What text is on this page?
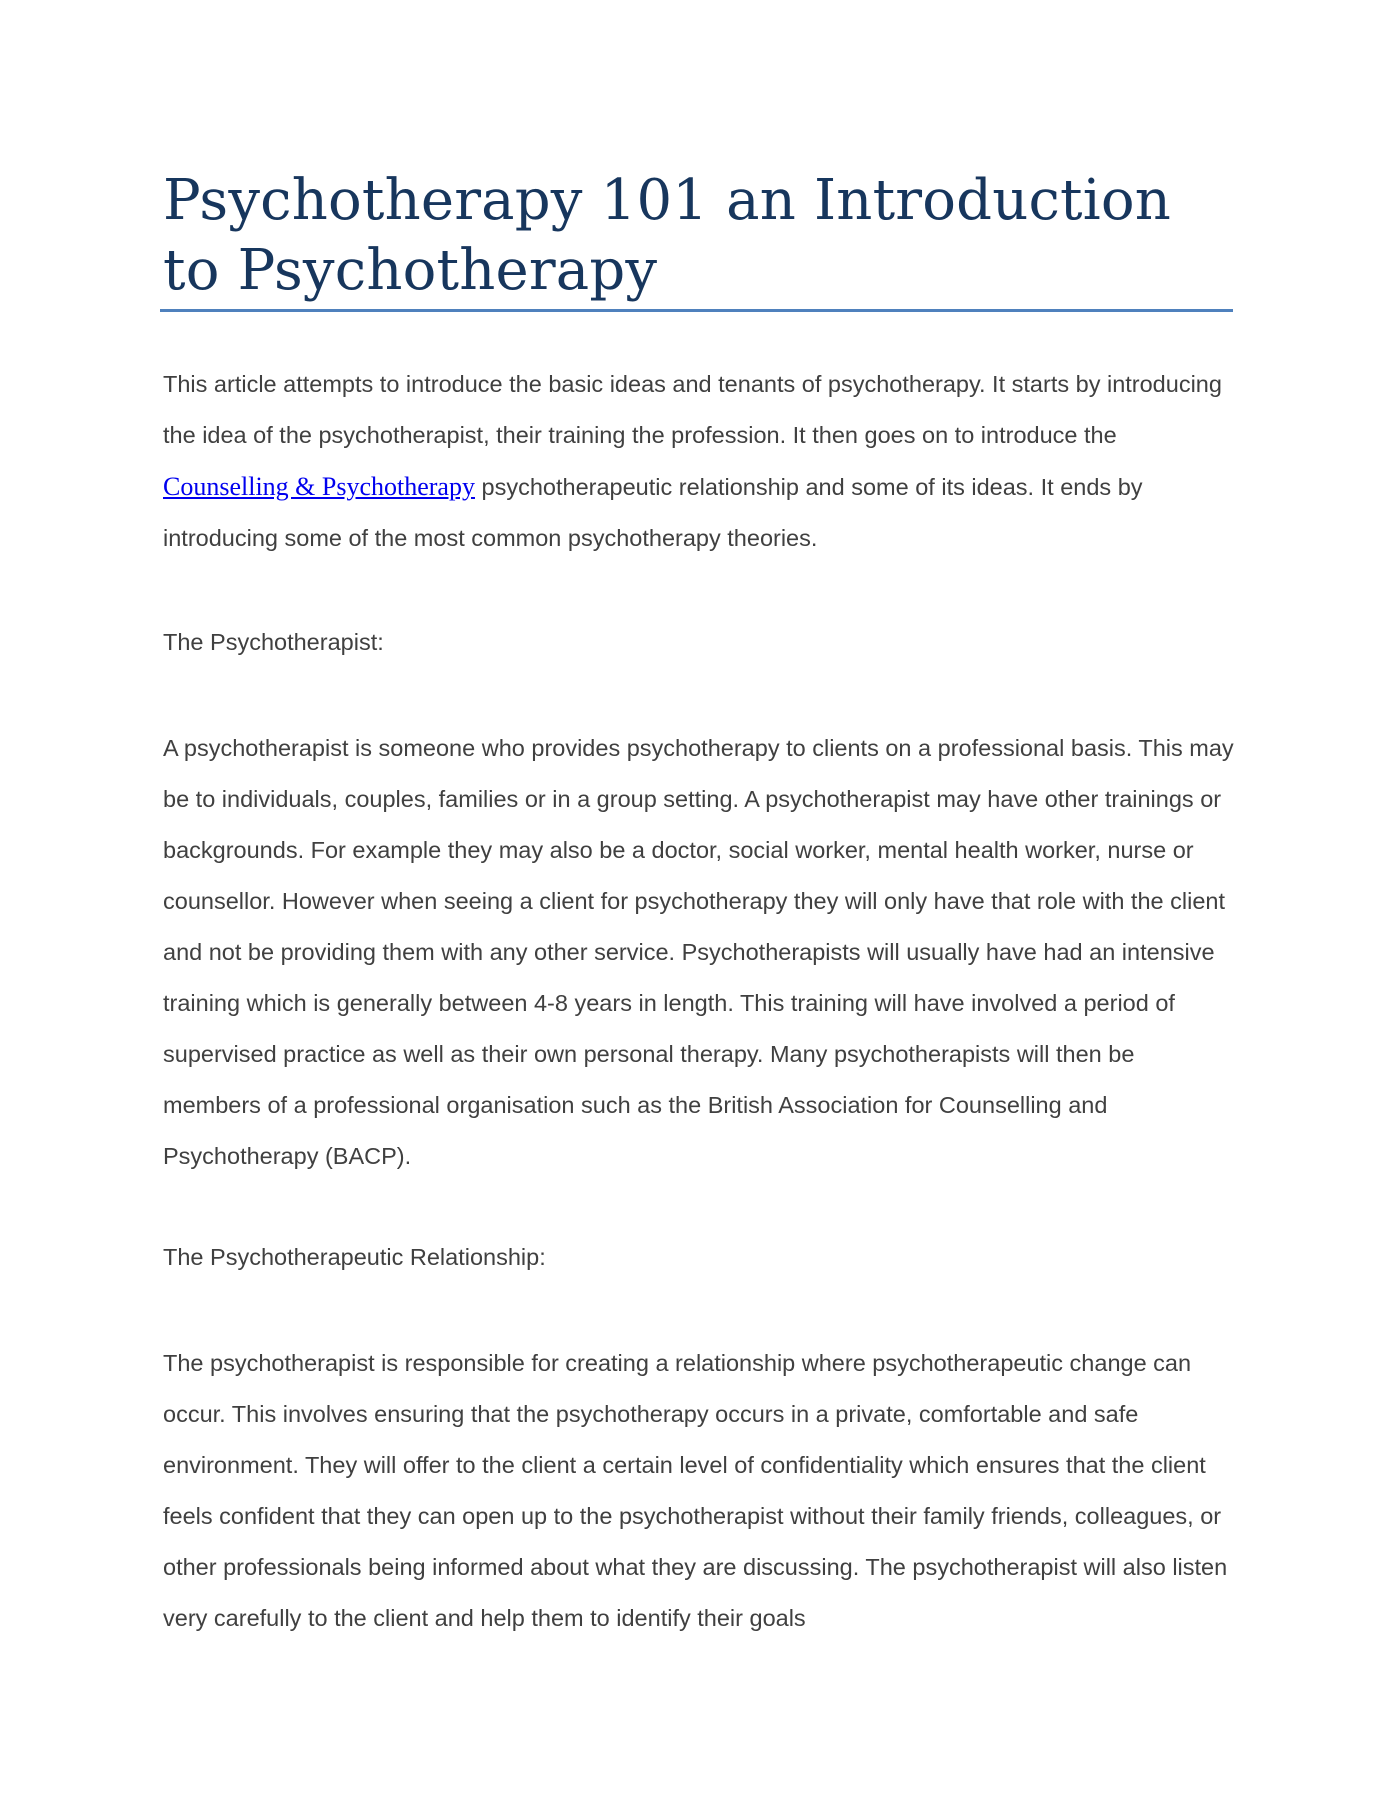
Psychotherapy 101 an Introduction to Psychotherapy

This article attempts to introduce the basic ideas and tenants of psychotherapy. It starts by introducing the idea of the psychotherapist, their training the profession. It then goes on to introduce the Counselling & Psychotherapy psychotherapeutic relationship and some of its ideas. It ends by introducing some of the most common psychotherapy theories.

The Psychotherapist:

A psychotherapist is someone who provides psychotherapy to clients on a professional basis. This may be to individuals, couples, families or in a group setting. A psychotherapist may have other trainings or backgrounds. For example they may also be a doctor, social worker, mental health worker, nurse or counsellor. However when seeing a client for psychotherapy they will only have that role with the client and not be providing them with any other service. Psychotherapists will usually have had an intensive training which is generally between 4-8 years in length. This training will have involved a period of supervised practice as well as their own personal therapy. Many psychotherapists will then be members of a professional organisation such as the British Association for Counselling and Psychotherapy (BACP).

The Psychotherapeutic Relationship:

The psychotherapist is responsible for creating a relationship where psychotherapeutic change can occur. This involves ensuring that the psychotherapy occurs in a private, comfortable and safe environment. They will offer to the client a certain level of confidentiality which ensures that the client feels confident that they can open up to the psychotherapist without their family friends, colleagues, or other professionals being informed about what they are discussing. The psychotherapist will also listen very carefully to the client and help them to identify their goals
